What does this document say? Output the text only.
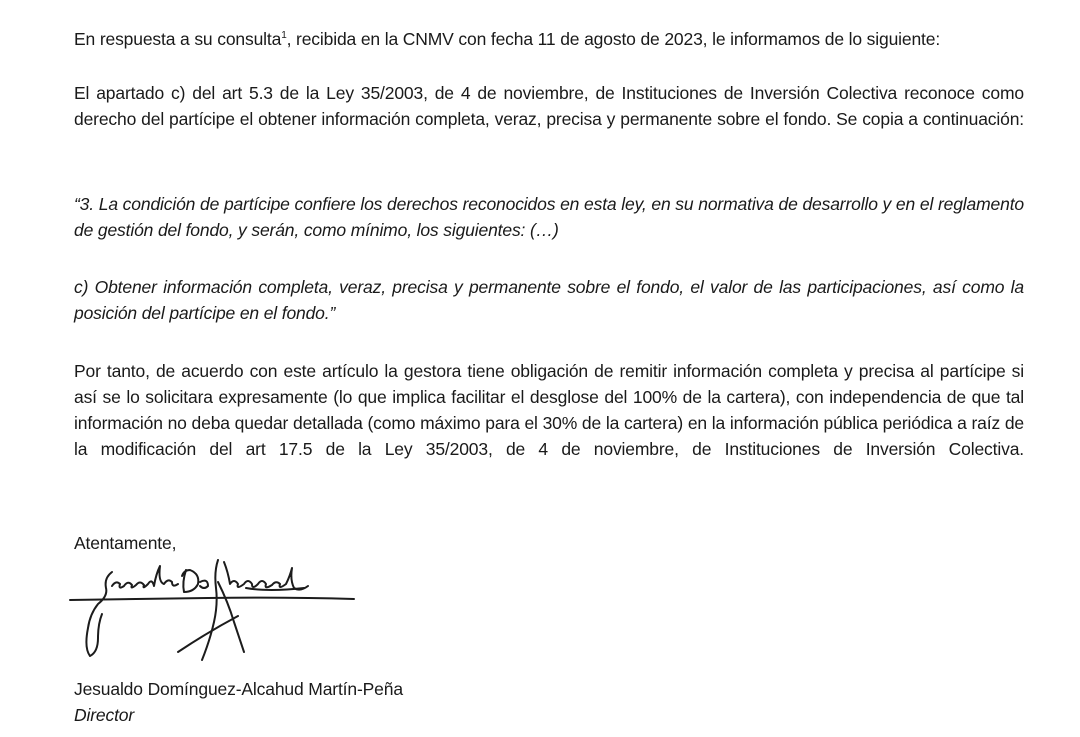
En respuesta a su consulta$^1$, recibida en la CNMV con fecha 11 de agosto de 2023, le informamos de lo siguiente:

El apartado c) del art 5.3 de la Ley 35/2003, de 4 de noviembre, de Instituciones de Inversión Colectiva reconoce como derecho del partícipe el obtener información completa, veraz, precisa y permanente sobre el fondo. Se copia a continuación:

“3. La condición de partícipe confiere los derechos reconocidos en esta ley, en su normativa de desarrollo y en el reglamento de gestión del fondo, y serán, como mínimo, los siguientes: (…)

c) Obtener información completa, veraz, precisa y permanente sobre el fondo, el valor de las participaciones, así como la posición del partícipe en el fondo.”

Por tanto, de acuerdo con este artículo la gestora tiene obligación de remitir información completa y precisa al partícipe si así se lo solicitara expresamente (lo que implica facilitar el desglose del 100% de la cartera), con independencia de que tal información no deba quedar detallada (como máximo para el 30% de la cartera) en la información pública periódica a raíz de la modificación del art 17.5 de la Ley 35/2003, de 4 de noviembre, de Instituciones de Inversión Colectiva.

Atentamente,

Jesualdo Domínguez-Alcahud Martín-Peña

Director
